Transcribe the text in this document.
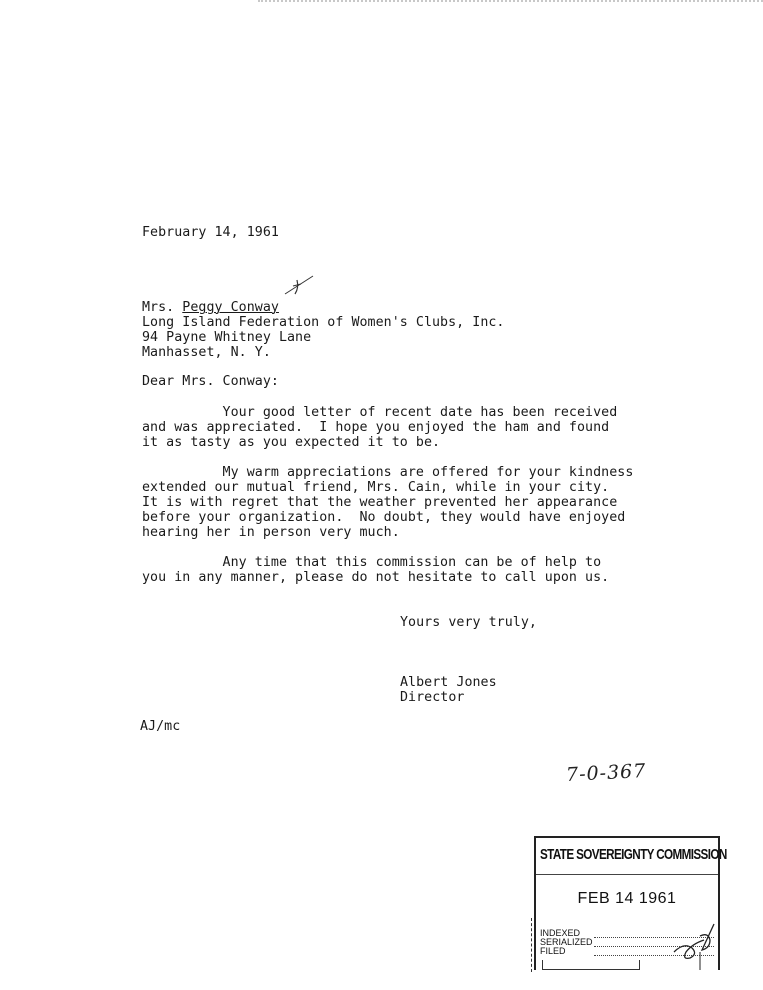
February 14, 1961
Mrs. Peggy Conway
Long Island Federation of Women's Clubs, Inc.
94 Payne Whitney Lane
Manhasset, N. Y.
Dear Mrs. Conway:
Your good letter of recent date has been received
and was appreciated.  I hope you enjoyed the ham and found
it as tasty as you expected it to be.
My warm appreciations are offered for your kindness
extended our mutual friend, Mrs. Cain, while in your city.
It is with regret that the weather prevented her appearance
before your organization.  No doubt, they would have enjoyed
hearing her in person very much.
Any time that this commission can be of help to
you in any manner, please do not hesitate to call upon us.
Yours very truly,
Albert Jones
Director
AJ/mc
7-0-367
STATE SOVEREIGNTY COMMISSION
FEB 14 1961
INDEXED
SERIALIZED
FILED
